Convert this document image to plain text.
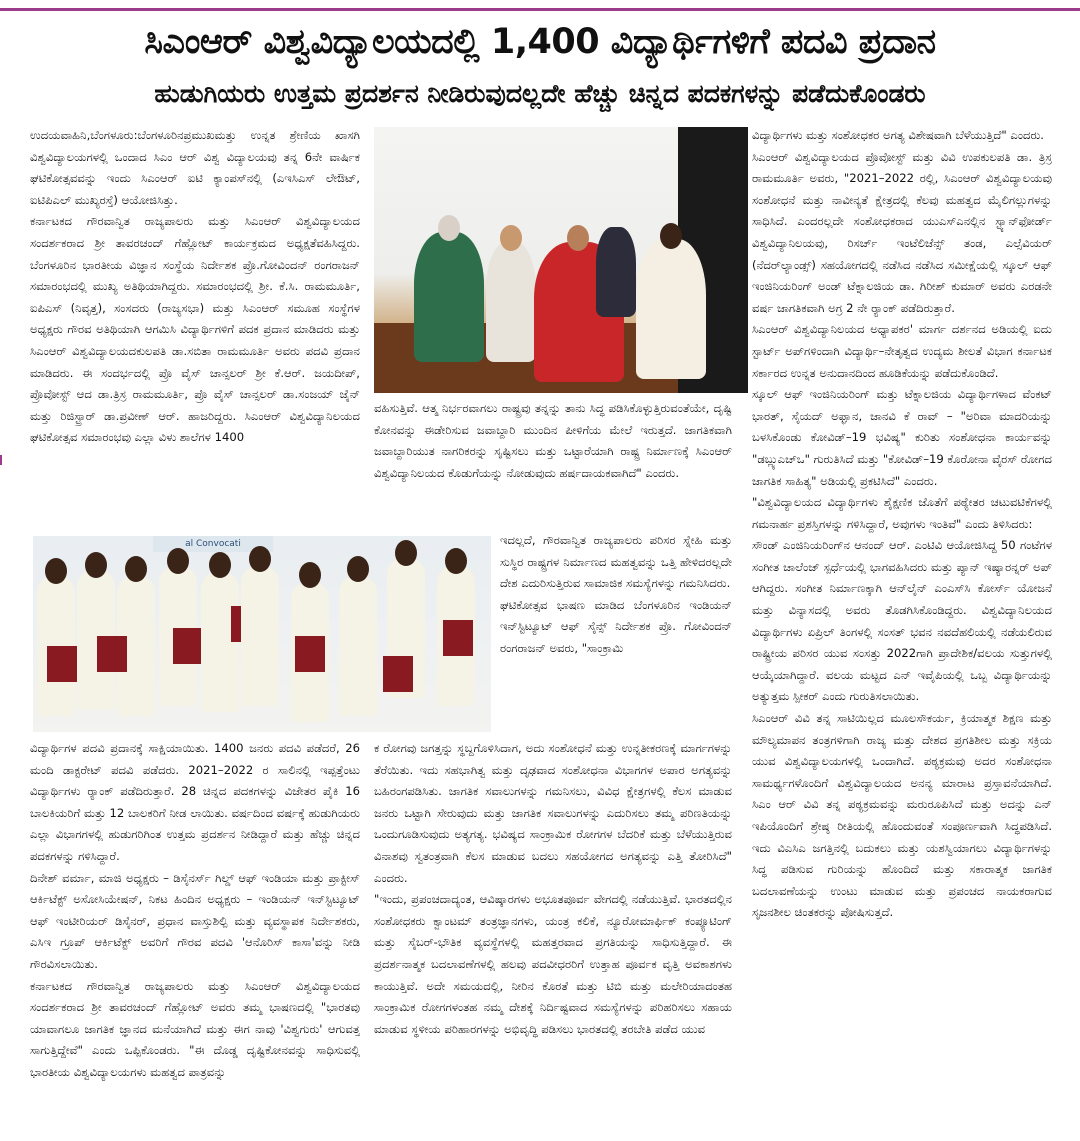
ಸಿಎಂಆರ್ ವಿಶ್ವವಿದ್ಯಾಲಯದಲ್ಲಿ 1,400 ವಿದ್ಯಾರ್ಥಿಗಳಿಗೆ ಪದವಿ ಪ್ರದಾನ
ಹುಡುಗಿಯರು ಉತ್ತಮ ಪ್ರದರ್ಶನ ನೀಡಿರುವುದಲ್ಲದೇ ಹೆಚ್ಚು ಚಿನ್ನದ ಪದಕಗಳನ್ನು ಪಡೆದುಕೊಂಡರು

ಉದಯವಾಹಿನಿ,ಬೆಂಗಳೂರು:ಬೆಂಗಳೂರಿನಪ್ರಮುಖಮತ್ತು ಉನ್ನತ ಶ್ರೇಣಿಯ ಖಾಸಗಿ ವಿಶ್ವವಿದ್ಯಾಲಯಗಳಲ್ಲಿ ಒಂದಾದ ಸಿಎಂ ಆರ್ ವಿಶ್ವ ವಿದ್ಯಾಲಯವು ತನ್ನ 6ನೇ ವಾರ್ಷಿಕ ಘಟಿಕೋತ್ಸವವನ್ನು ಇಂದು ಸಿಎಂಆರ್ ಐಟಿ ಕ್ಯಾಂಪಸ್‌ನಲ್ಲಿ (ಎಇಸಿಎಸ್ ಲೇಔಟ್, ಐಟಿಪಿಎಲ್ ಮುಖ್ಯರಸ್ತೆ) ಆಯೋಜಿಸಿತ್ತು.

ಕರ್ನಾಟಕದ ಗೌರವಾನ್ವಿತ ರಾಜ್ಯಪಾಲರು ಮತ್ತು ಸಿಎಂಆರ್ ವಿಶ್ವವಿದ್ಯಾಲಯದ ಸಂದರ್ಶಕರಾದ ಶ್ರೀ ತಾವರಚಂದ್ ಗೆಹ್ಲೋಟ್ ಕಾರ್ಯಕ್ರಮದ ಅಧ್ಯಕ್ಷತೆವಹಿಸಿದ್ದರು. ಬೆಂಗಳೂರಿನ ಭಾರತೀಯ ವಿಜ್ಞಾನ ಸಂಸ್ಥೆಯ ನಿರ್ದೇಶಕ ಪ್ರೊ.ಗೋವಿಂದನ್ ರಂಗರಾಜನ್ ಸಮಾರಂಭದಲ್ಲಿ ಮುಖ್ಯ ಅತಿಥಿಯಾಗಿದ್ದರು. ಸಮಾರಂಭದಲ್ಲಿ ಶ್ರೀ. ಕೆ.ಸಿ. ರಾಮಮೂರ್ತಿ, ಐಪಿಎಸ್ (ನಿವೃತ್ತ), ಸಂಸದರು (ರಾಜ್ಯಸಭಾ) ಮತ್ತು ಸಿಎಂಆರ್ ಸಮೂಹ ಸಂಸ್ಥೆಗಳ ಅಧ್ಯಕ್ಷರು ಗೌರವ ಅತಿಥಿಯಾಗಿ ಆಗಮಿಸಿ ವಿದ್ಯಾರ್ಥಿಗಳಿಗೆ ಪದಕ ಪ್ರದಾನ ಮಾಡಿದರು ಮತ್ತು ಸಿಎಂಆರ್ ವಿಶ್ವವಿದ್ಯಾಲಯದಕುಲಪತಿ ಡಾ.ಸಬಿತಾ ರಾಮಮೂರ್ತಿ ಅವರು ಪದವಿ ಪ್ರದಾನ ಮಾಡಿದರು. ಈ ಸಂದರ್ಭದಲ್ಲಿ ಪ್ರೊ ವೈಸ್ ಚಾನ್ಸಲರ್ ಶ್ರೀ ಕೆ.ಆರ್. ಜಯದೀಪ್, ಪ್ರೊವೋಸ್ಟ್ ಆದ ಡಾ.ತ್ರಿಸ್ರ ರಾಮಮೂರ್ತಿ, ಪ್ರೊ ವೈಸ್ ಚಾನ್ಸಲರ್ ಡಾ.ಸಂಜಯ್ ಜೈನ್ ಮತ್ತು ರಿಜಿಸ್ಟ್ರಾರ್ ಡಾ.ಪ್ರವೀಣ್ ಆರ್. ಹಾಜರಿದ್ದರು. ಸಿಎಂಆರ್ ವಿಶ್ವವಿದ್ಯಾನಿಲಯದ ಘಟಿಕೋತ್ಸವ ಸಮಾರಂಭವು ಎಲ್ಲಾ ವಿಳು ಶಾಲೆಗಳ 1400

ವಹಿಸುತ್ತಿವೆ. ಆತ್ಮ ನಿರ್ಭರವಾಗಲು ರಾಷ್ಟ್ರವು ತನ್ನನ್ನು ತಾನು ಸಿದ್ಧ ಪಡಿಸಿಕೊಳ್ಳುತ್ತಿರುವಂತೆಯೇ, ದೃಷ್ಟಿ ಕೋನವನ್ನು ಈಡೇರಿಸುವ ಜವಾಬ್ದಾರಿ ಮುಂದಿನ ಪೀಳಿಗೆಯ ಮೇಲೆ ಇರುತ್ತದೆ. ಜಾಗತಿಕವಾಗಿ ಜವಾಬ್ದಾರಿಯುತ ನಾಗರಿಕರನ್ನು ಸೃಷ್ಟಿಸಲು ಮತ್ತು ಒಟ್ಟಾರೆಯಾಗಿ ರಾಷ್ಟ್ರ ನಿರ್ಮಾಣಕ್ಕೆ ಸಿಎಂಆರ್ ವಿಶ್ವವಿದ್ಯಾನಿಲಯದ ಕೊಡುಗೆಯನ್ನು ನೋಡುವುದು ಹರ್ಷದಾಯಕವಾಗಿದೆ" ಎಂದರು.

al Convocati	ಇದಲ್ಲದೆ, ಗೌರವಾನ್ವಿತ ರಾಜ್ಯಪಾಲರು ಪರಿಸರ ಸ್ನೇಹಿ ಮತ್ತು ಸುಸ್ಥಿರ ರಾಷ್ಟ್ರಗಳ ನಿರ್ಮಾಣದ ಮಹತ್ವವನ್ನು ಒತ್ತಿ ಹೇಳಿದರಲ್ಲದೇ ದೇಶ ಎದುರಿಸುತ್ತಿರುವ ಸಾಮಾಜಿಕ ಸಮಸ್ಯೆಗಳನ್ನು ಗಮನಿಸಿದರು.

ಘಟಿಕೋತ್ಸವ ಭಾಷಣ ಮಾಡಿದ ಬೆಂಗಳೂರಿನ ಇಂಡಿಯನ್ ಇನ್‌ಸ್ಟಿಟ್ಯೂಟ್ ಆಫ್ ಸೈನ್ಸ್ ನಿರ್ದೇಶಕ ಪ್ರೊ. ಗೋವಿಂದನ್ ರಂಗರಾಜನ್ ಅವರು, "ಸಾಂಕ್ರಾಮಿ

ವಿದ್ಯಾರ್ಥಿಗಳ ಪದವಿ ಪ್ರದಾನಕ್ಕೆ ಸಾಕ್ಷಿಯಾಯಿತು. 1400 ಜನರು ಪದವಿ ಪಡೆದರೆ, 26 ಮಂದಿ ಡಾಕ್ಟರೇಟ್ ಪದವಿ ಪಡೆದರು. 2021–2022 ರ ಸಾಲಿನಲ್ಲಿ ಇಪ್ಪತ್ತೆಂಟು ವಿದ್ಯಾರ್ಥಿಗಳು ರ‍್ಯಾಂಕ್ ಪಡೆದಿರುತ್ತಾರೆ. 28 ಚಿನ್ನದ ಪದಕಗಳನ್ನು ವಿಜೇತರ ಪೈಕಿ 16 ಬಾಲಕಿಯರಿಗೆ ಮತ್ತು 12 ಬಾಲಕರಿಗೆ ನೀಡ ಲಾಯಿತು. ವರ್ಷದಿಂದ ವರ್ಷಕ್ಕೆ ಹುಡುಗಿಯರು ಎಲ್ಲಾ ವಿಭಾಗಗಳಲ್ಲಿ ಹುಡುಗರಿಗಿಂತ ಉತ್ತಮ ಪ್ರದರ್ಶನ ನೀಡಿದ್ದಾರೆ ಮತ್ತು ಹೆಚ್ಚು ಚಿನ್ನದ ಪದಕಗಳನ್ನು ಗಳಿಸಿದ್ದಾರೆ.

ದಿನೇಶ್ ವರ್ಮಾ, ಮಾಜಿ ಅಧ್ಯಕ್ಷರು – ಡಿಸೈನರ್ಸ್ ಗಿಲ್ಡ್ ಆಫ್ ಇಂಡಿಯಾ ಮತ್ತು ಪ್ರಾಕ್ಟೀಸ್ ಆರ್ಕಿಟೆಕ್ಟ್ ಅಸೋಸಿಯೇಷನ್, ನಿಕಟ ಹಿಂದಿನ ಅಧ್ಯಕ್ಷರು – ಇಂಡಿಯನ್ ಇನ್‌ಸ್ಟಿಟ್ಯೂಟ್ ಆಫ್ ಇಂಟೀರಿಯರ್ ಡಿಸೈನರ್, ಪ್ರಧಾನ ವಾಸ್ತುಶಿಲ್ಪಿ ಮತ್ತು ವ್ಯವಸ್ಥಾಪಕ ನಿರ್ದೇಶಕರು, ಎಸಿಇ ಗ್ರೂಪ್ ಆರ್ಕಿಟೆಕ್ಟ್‌ ಅವರಿಗೆ ಗೌರವ ಪದವಿ 'ಆನೊರಿಸ್ ಕಾಸಾ'ವನ್ನು ನೀಡಿ ಗೌರವಿಸಲಾಯಿತು.

ಕರ್ನಾಟಕದ ಗೌರವಾನ್ವಿತ ರಾಜ್ಯಪಾಲರು ಮತ್ತು ಸಿಎಂಆರ್ ವಿಶ್ವವಿದ್ಯಾಲಯದ ಸಂದರ್ಶಕರಾದ ಶ್ರೀ ತಾವರಚಂದ್ ಗೆಹ್ಲೋಟ್ ಅವರು ತಮ್ಮ ಭಾಷಣದಲ್ಲಿ "ಭಾರತವು ಯಾವಾಗಲೂ ಜಾಗತಿಕ ಜ್ಞಾನದ ಮನೆಯಾಗಿದೆ ಮತ್ತು ಈಗ ನಾವು 'ವಿಶ್ವಗುರು' ಆಗುವತ್ತ ಸಾಗುತ್ತಿದ್ದೇವೆ" ಎಂದು ಒಪ್ಪಿಕೊಂಡರು. "ಈ ದೊಡ್ಡ ದೃಷ್ಟಿಕೋನವನ್ನು ಸಾಧಿಸುವಲ್ಲಿ ಭಾರತೀಯ ವಿಶ್ವವಿದ್ಯಾಲಯಗಳು ಮಹತ್ವದ ಪಾತ್ರವನ್ನು

ಕ ರೋಗವು ಜಗತ್ತನ್ನು ಸ್ಥಬ್ದಗೊಳಿಸಿದಾಗ, ಅದು ಸಂಶೋಧನೆ ಮತ್ತು ಉನ್ನತೀಕರಣಕ್ಕೆ ಮಾರ್ಗಗಳನ್ನು ತೆರೆಯಿತು. ಇದು ಸಹಭಾಗಿತ್ವ ಮತ್ತು ದೃಢವಾದ ಸಂಶೋಧನಾ ವಿಭಾಗಗಳ ಅಪಾರ ಅಗತ್ಯವನ್ನು ಬಹಿರಂಗಪಡಿಸಿತು. ಜಾಗತಿಕ ಸವಾಲುಗಳನ್ನು ಗಮನಿಸಲು, ವಿವಿಧ ಕ್ಷೇತ್ರಗಳಲ್ಲಿ ಕೆಲಸ ಮಾಡುವ ಜನರು ಒಟ್ಟಾಗಿ ಸೇರುವುದು ಮತ್ತು ಜಾಗತಿಕ ಸವಾಲುಗಳನ್ನು ಎದುರಿಸಲು ತಮ್ಮ ಪರಿಣತಿಯನ್ನು ಒಂದುಗೂಡಿಸುವುದು ಅತ್ಯಗತ್ಯ. ಭವಿಷ್ಯದ ಸಾಂಕ್ರಾಮಿಕ ರೋಗಗಳ ಬೆದರಿಕೆ ಮತ್ತು ಬೆಳೆಯುತ್ತಿರುವ ವಿನಾಶವು ಸ್ವತಂತ್ರವಾಗಿ ಕೆಲಸ ಮಾಡುವ ಬದಲು ಸಹಯೋಗದ ಅಗತ್ಯವನ್ನು ಎತ್ತಿ ತೋರಿಸಿದೆ" ಎಂದರು.

"ಇಂದು, ಪ್ರಪಂಚದಾದ್ಯಂತ, ಆವಿಷ್ಕಾರಗಳು ಅಭೂತಪೂರ್ವ ವೇಗದಲ್ಲಿ ನಡೆಯುತ್ತಿವೆ. ಭಾರತದಲ್ಲಿನ ಸಂಶೋಧಕರು ಕ್ವಾಂಟಮ್ ತಂತ್ರಜ್ಞಾನಗಳು, ಯಂತ್ರ ಕಲಿಕೆ, ನ್ಯೂರೋಮಾರ್ಫಿಕ್ ಕಂಪ್ಯೂಟಿಂಗ್ ಮತ್ತು ಸೈಬರ್-ಭೌತಿಕ ವ್ಯವಸ್ಥೆಗಳಲ್ಲಿ ಮಹತ್ತರವಾದ ಪ್ರಗತಿಯನ್ನು ಸಾಧಿಸುತ್ತಿದ್ದಾರೆ. ಈ ಪ್ರದರ್ಶನಾತ್ಮಕ ಬದಲಾವಣೆಗಳಲ್ಲಿ ಹಲವು ಪದವೀಧರರಿಗೆ ಉತ್ತಾಹ ಪೂರ್ವಕ ವೃತ್ತಿ ಅವಕಾಶಗಳು ಕಾಯುತ್ತಿವೆ. ಅದೇ ಸಮಯದಲ್ಲಿ, ನೀರಿನ ಕೊರತೆ ಮತ್ತು ಟಿಬಿ ಮತ್ತು ಮಲೇರಿಯಾದಂತಹ ಸಾಂಕ್ರಾಮಿಕ ರೋಗಗಳಂತಹ ನಮ್ಮ ದೇಶಕ್ಕೆ ನಿರ್ದಿಷ್ಟವಾದ ಸಮಸ್ಯೆಗಳನ್ನು ಪರಿಹರಿಸಲು ಸಹಾಯ ಮಾಡುವ ಸ್ಥಳೀಯ ಪರಿಹಾರಗಳನ್ನು ಅಭಿವೃದ್ಧಿ ಪಡಿಸಲು ಭಾರತದಲ್ಲಿ ತರಬೇತಿ ಪಡೆದ ಯುವ

ವಿದ್ಯಾರ್ಥಿಗಳು ಮತ್ತು ಸಂಶೋಧಕರ ಅಗತ್ಯ ವಿಶೇಷವಾಗಿ ಬೆಳೆಯುತ್ತಿದೆ" ಎಂದರು.

ಸಿಎಂಆರ್ ವಿಶ್ವವಿದ್ಯಾಲಯದ ಪ್ರೊವೋಸ್ಟ್ ಮತ್ತು ವಿವಿ ಉಪಕುಲಪತಿ ಡಾ. ತ್ರಿಸ್ರ ರಾಮಮೂರ್ತಿ ಅವರು, "2021–2022 ರಲ್ಲಿ, ಸಿಎಂಆರ್ ವಿಶ್ವವಿದ್ಯಾಲಯವು ಸಂಶೋಧನೆ ಮತ್ತು ನಾವೀನ್ಯತೆ ಕ್ಷೇತ್ರದಲ್ಲಿ ಕೆಲವು ಮಹತ್ವದ ಮೈಲಿಗಲ್ಲುಗಳನ್ನು ಸಾಧಿಸಿದೆ. ಎಂದರಲ್ಲದೇ ಸಂಶೋಧಕರಾದ ಯುಎಸ್‌ಎನಲ್ಲಿನ ಸ್ಟ್ಯಾನ್‌ಫೋರ್ಡ್ ವಿಶ್ವವಿದ್ಯಾನಿಲಯವು, ರಿಸರ್ಚ್ ಇಂಟೆಲಿಜೆನ್ಸ್ ತಂಡ, ಎಲ್ಸೆವಿಯರ್ (ನೆದರ್‌ಲ್ಯಾಂಡ್ಸ್) ಸಹಯೋಗದಲ್ಲಿ ನಡೆಸಿದ ನಡೆಸಿದ ಸಮೀಕ್ಷೆಯಲ್ಲಿ ಸ್ಕೂಲ್ ಆಫ್ ಇಂಜಿನಿಯರಿಂಗ್ ಅಂಡ್ ಟೆಕ್ನಾಲಜಿಯ ಡಾ. ಗಿರೀಶ್ ಕುಮಾರ್ ಅವರು ಎರಡನೇ ವರ್ಷ ಜಾಗತಿಕವಾಗಿ ಅಗ್ರ 2 ನೇ ರ‍್ಯಾಂಕ್ ಪಡೆದಿರುತ್ತಾರೆ.

ಸಿಎಂಆರ್ ವಿಶ್ವವಿದ್ಯಾನಿಲಯದ ಅಧ್ಯಾಪಕರ' ಮಾರ್ಗ ದರ್ಶನದ ಅಡಿಯಲ್ಲಿ ಐದು ಸ್ಟಾರ್ಟ್ ಅಪ್‌ಗಳಿಂದಾಗಿ ವಿದ್ಯಾರ್ಥಿ–ನೇತೃತ್ವದ ಉದ್ಯಮ ಶೀಲತೆ ವಿಭಾಗ ಕರ್ನಾಟಕ ಸರ್ಕಾರದ ಉನ್ನತ ಅನುದಾನದಿಂದ ಹೂಡಿಕೆಯನ್ನು ಪಡೆದುಕೊಂಡಿದೆ.

ಸ್ಕೂಲ್ ಆಫ್ ಇಂಜಿನಿಯರಿಂಗ್ ಮತ್ತು ಟೆಕ್ನಾಲಜಿಯ ವಿದ್ಯಾರ್ಥಿಗಳಾದ ವೆಂಕಟ್ ಭಾರತ್, ಸೈಯದ್ ಅಫ್ಘಾನ, ಜಾನವಿ ಕೆ ರಾವ್ – "ಅರಿವಾ ಮಾದರಿಯನ್ನು ಬಳಸಿಕೊಂಡು ಕೋವಿಡ್–19 ಭವಿಷ್ಯ" ಕುರಿತು ಸಂಶೋಧನಾ ಕಾರ್ಯವನ್ನು "ಡಬ್ಲ್ಯುಎಚ್‌ಒ" ಗುರುತಿಸಿದೆ ಮತ್ತು "ಕೋವಿಡ್–19 ಕೊರೋನಾ ವೈರಸ್ ರೋಗದ ಜಾಗತಿಕ ಸಾಹಿತ್ಯ" ಅಡಿಯಲ್ಲಿ ಪ್ರಕಟಿಸಿದೆ" ಎಂದರು.

"ವಿಶ್ವವಿದ್ಯಾಲಯದ ವಿದ್ಯಾರ್ಥಿಗಳು ಶೈಕ್ಷಣಿಕ ಜೊತೆಗೆ ಪಠ್ಯೇತರ ಚಟುವಟಿಕೆಗಳಲ್ಲಿ ಗಮನಾರ್ಹ ಪ್ರಶಸ್ತಿಗಳನ್ನು ಗಳಿಸಿದ್ದಾರೆ, ಅವುಗಳು ಇಂತಿವೆ" ಎಂದು ತಿಳಿಸಿದರು:

ಸೌಂಡ್ ಎಂಜಿನಿಯರಿಂಗ್‌ನ ಆನಂದ್ ಆರ್. ಎಂಟಿವಿ ಆಯೋಜಿಸಿದ್ದ 50 ಗಂಟೆಗಳ ಸಂಗೀತ ಚಾಲೆಂಜ್ ಸ್ಪರ್ಧೆಯಲ್ಲಿ ಭಾಗವಹಿಸಿದರು ಮತ್ತು ಪ್ಯಾನ್ ಇಷ್ಯಾರನ್ನರ್ ಅಪ್ ಆಗಿದ್ದರು. ಸಂಗೀತ ನಿರ್ಮಾಣಕ್ಕಾಗಿ ಆನ್‌ಲೈನ್ ಎಂಎಸ್‌ಸಿ ಕೋರ್ಸ್ ಯೋಜನೆ ಮತ್ತು ವಿನ್ಯಾಸದಲ್ಲಿ ಅವರು ತೊಡಗಿಸಿಕೊಂಡಿದ್ದರು. ವಿಶ್ವವಿದ್ಯಾನಿಲಯದ ವಿದ್ಯಾರ್ಥಿಗಳು ಏಪ್ರಿಲ್ ತಿಂಗಳಲ್ಲಿ ಸಂಸತ್ ಭವನ ನವದೆಹಲಿಯಲ್ಲಿ ನಡೆಯಲಿರುವ ರಾಷ್ಟ್ರೀಯ ಪರಿಸರ ಯುವ ಸಂಸತ್ತು 2022ಗಾಗಿ ಪ್ರಾದೇಶಿಕ/ವಲಯ ಸುತ್ತುಗಳಲ್ಲಿ ಆಯ್ಕೆಯಾಗಿದ್ದಾರೆ. ವಲಯ ಮಟ್ಟದ ಎನ್ ಇವೈಪಿಯಲ್ಲಿ ಒಬ್ಬ ವಿದ್ಯಾರ್ಥಿಯನ್ನು ಅತ್ಯುತ್ತಮ ಸ್ಪೀಕರ್ ಎಂದು ಗುರುತಿಸಲಾಯಿತು.

ಸಿಎಂಆರ್ ವಿವಿ ತನ್ನ ಸಾಟಿಯಿಲ್ಲದ ಮೂಲಸೌಕರ್ಯ, ಕ್ರಿಯಾತ್ಮಕ ಶಿಕ್ಷಣ ಮತ್ತು ಮೌಲ್ಯಮಾಪನ ತಂತ್ರಗಳಿಗಾಗಿ ರಾಜ್ಯ ಮತ್ತು ದೇಶದ ಪ್ರಗತಿಶೀಲ ಮತ್ತು ಸಕ್ರಿಯ ಯುವ ವಿಶ್ವವಿದ್ಯಾಲಯಗಳಲ್ಲಿ ಒಂದಾಗಿದೆ. ಪಠ್ಯಕ್ರಮವು ಅದರ ಸಂಶೋಧನಾ ಸಾಮರ್ಥ್ಯಗಳೊಂದಿಗೆ ವಿಶ್ವವಿದ್ಯಾಲಯದ ಅನನ್ಯ ಮಾರಾಟ ಪ್ರಸ್ತಾವನೆಯಾಗಿದೆ. ಸಿಎಂ ಆರ್ ವಿವಿ ತನ್ನ ಪಠ್ಯಕ್ರಮವನ್ನು ಮರುರೂಪಿಸಿದೆ ಮತ್ತು ಅದನ್ನು ಎನ್ ಇಪಿಯೊಂದಿಗೆ ಶ್ರೇಷ್ಠ ರೀತಿಯಲ್ಲಿ ಹೊಂದುವಂತೆ ಸಂಪೂರ್ಣವಾಗಿ ಸಿದ್ಧಪಡಿಸಿದೆ. ಇದು ವಿಎಸಿಎ ಜಗತ್ತಿನಲ್ಲಿ ಬದುಕಲು ಮತ್ತು ಯಶಸ್ವಿಯಾಗಲು ವಿದ್ಯಾರ್ಥಿಗಳನ್ನು ಸಿದ್ಧ ಪಡಿಸುವ ಗುರಿಯನ್ನು ಹೊಂದಿದೆ ಮತ್ತು ಸಕಾರಾತ್ಮಕ ಜಾಗತಿಕ ಬದಲಾವಣೆಯನ್ನು ಉಂಟು ಮಾಡುವ ಮತ್ತು ಪ್ರಪಂಚದ ನಾಯಕರಾಗುವ ಸೃಜನಶೀಲ ಚಿಂತಕರನ್ನು ಪೋಷಿಸುತ್ತದೆ.
